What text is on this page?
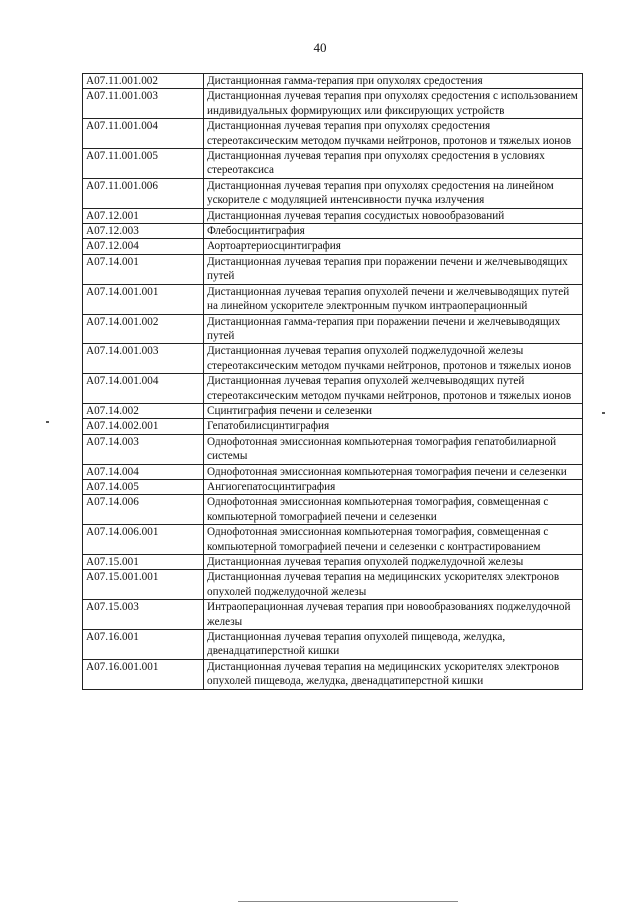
40
A07.11.001.002	Дистанционная гамма-терапия при опухолях средостения
A07.11.001.003	Дистанционная лучевая терапия при опухолях средостения с использованием индивидуальных формирующих или фиксирующих устройств
A07.11.001.004	Дистанционная лучевая терапия при опухолях средостения стереотаксическим методом пучками нейтронов, протонов и тяжелых ионов
A07.11.001.005	Дистанционная лучевая терапия при опухолях средостения в условиях стереотаксиса
A07.11.001.006	Дистанционная лучевая терапия при опухолях средостения на линейном ускорителе с модуляцией интенсивности пучка излучения
A07.12.001	Дистанционная лучевая терапия сосудистых новообразований
A07.12.003	Флебосцинтиграфия
A07.12.004	Аортоартериосцинтиграфия
A07.14.001	Дистанционная лучевая терапия при поражении печени и желчевыводящих путей
A07.14.001.001	Дистанционная лучевая терапия опухолей печени и желчевыводящих путей на линейном ускорителе электронным пучком интраоперационный
A07.14.001.002	Дистанционная гамма-терапия при поражении печени и желчевыводящих путей
A07.14.001.003	Дистанционная лучевая терапия опухолей поджелудочной железы стереотаксическим методом пучками нейтронов, протонов и тяжелых ионов
A07.14.001.004	Дистанционная лучевая терапия опухолей желчевыводящих путей стереотаксическим методом пучками нейтронов, протонов и тяжелых ионов
A07.14.002	Сцинтиграфия печени и селезенки
A07.14.002.001	Гепатобилисцинтиграфия
A07.14.003	Однофотонная эмиссионная компьютерная томография гепатобилиарной системы
A07.14.004	Однофотонная эмиссионная компьютерная томография печени и селезенки
A07.14.005	Ангиогепатосцинтиграфия
A07.14.006	Однофотонная эмиссионная компьютерная томография, совмещенная с компьютерной томографией печени и селезенки
A07.14.006.001	Однофотонная эмиссионная компьютерная томография, совмещенная с компьютерной томографией печени и селезенки с контрастированием
A07.15.001	Дистанционная лучевая терапия опухолей поджелудочной железы
A07.15.001.001	Дистанционная лучевая терапия на медицинских ускорителях электронов опухолей поджелудочной железы
A07.15.003	Интраоперационная лучевая терапия при новообразованиях поджелудочной железы
A07.16.001	Дистанционная лучевая терапия опухолей пищевода, желудка, двенадцатиперстной кишки
A07.16.001.001	Дистанционная лучевая терапия на медицинских ускорителях электронов опухолей пищевода, желудка, двенадцатиперстной кишки
